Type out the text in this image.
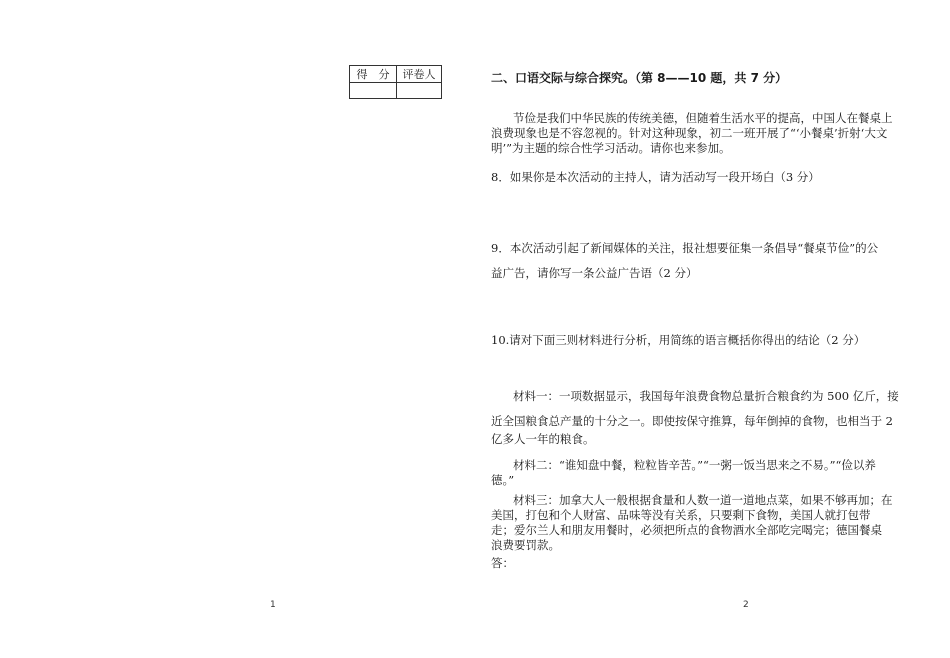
得　分	评卷人
		二、口语交际与综合探究。（第 8——10 题，共 7 分）
节俭是我们中华民族的传统美德，但随着生活水平的提高，中国人在餐桌上浪费现象也是不容忽视的。针对这种现象，初二一班开展了“‘小餐桌’折射‘大文明’”为主题的综合性学习活动。请你也来参加。
8．如果你是本次活动的主持人，请为活动写一段开场白（3 分）
9．本次活动引起了新闻媒体的关注，报社想要征集一条倡导“餐桌节俭”的公
益广告，请你写一条公益广告语（2 分）
10.请对下面三则材料进行分析，用简练的语言概括你得出的结论（2 分）
材料一：一项数据显示，我国每年浪费食物总量折合粮食约为 500 亿斤，接
近全国粮食总产量的十分之一。即使按保守推算，每年倒掉的食物，也相当于 2
亿多人一年的粮食。
材料二：“谁知盘中餐，粒粒皆辛苦。”“一粥一饭当思来之不易。”“俭以养德。”
材料三：加拿大人一般根据食量和人数一道一道地点菜，如果不够再加；在美国，打包和个人财富、品味等没有关系，只要剩下食物，美国人就打包带走；爱尔兰人和朋友用餐时，必须把所点的食物酒水全部吃完喝完；德国餐桌浪费要罚款。
答：
1	2
